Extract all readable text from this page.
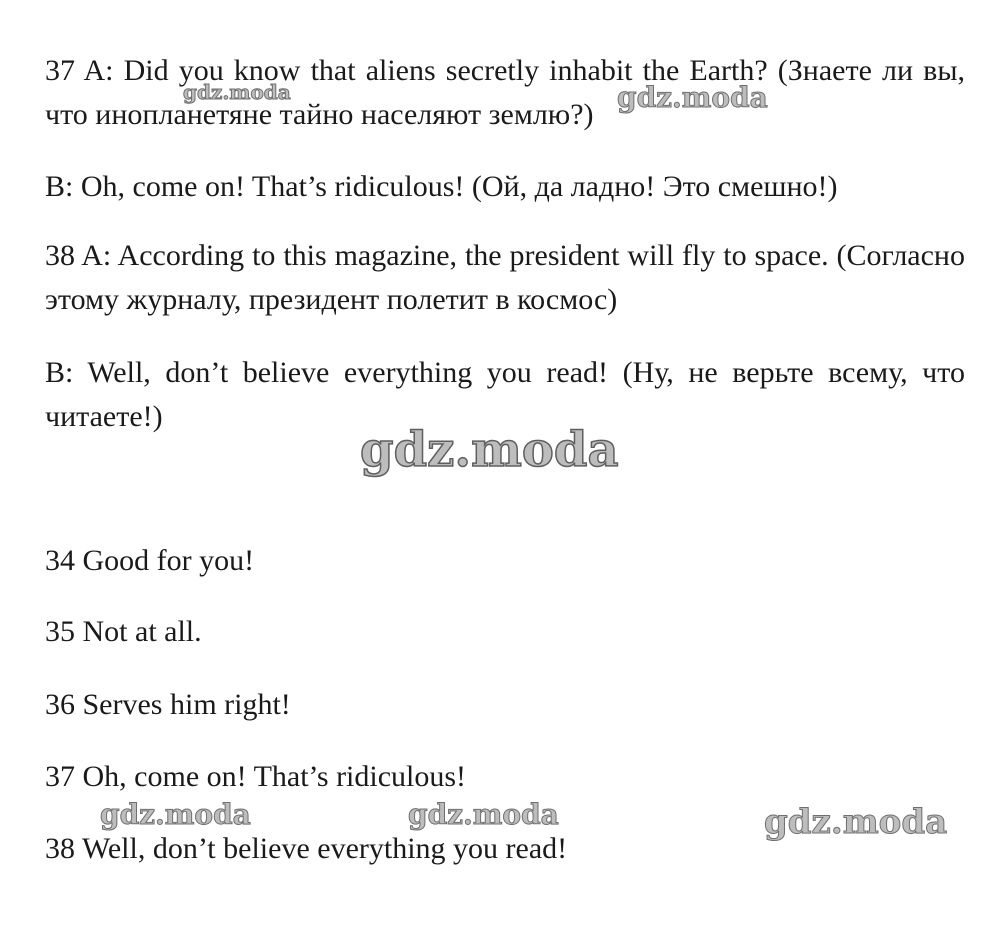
37 A: Did you know that aliens secretly inhabit the Earth? (Знаете ли вы, что инопланетяне тайно населяют землю?)

B: Oh, come on! That’s ridiculous! (Ой, да ладно! Это смешно!)

38 A: According to this magazine, the president will fly to space. (Согласно этому журналу, президент полетит в космос)

B: Well, don’t believe everything you read! (Ну, не верьте всему, что читаете!)

34 Good for you!

35 Not at all.

36 Serves him right!

37 Oh, come on! That’s ridiculous!

38 Well, don’t believe everything you read!

gdz.moda	gdz.moda
gdz.moda
gdz.moda	gdz.moda	gdz.moda
